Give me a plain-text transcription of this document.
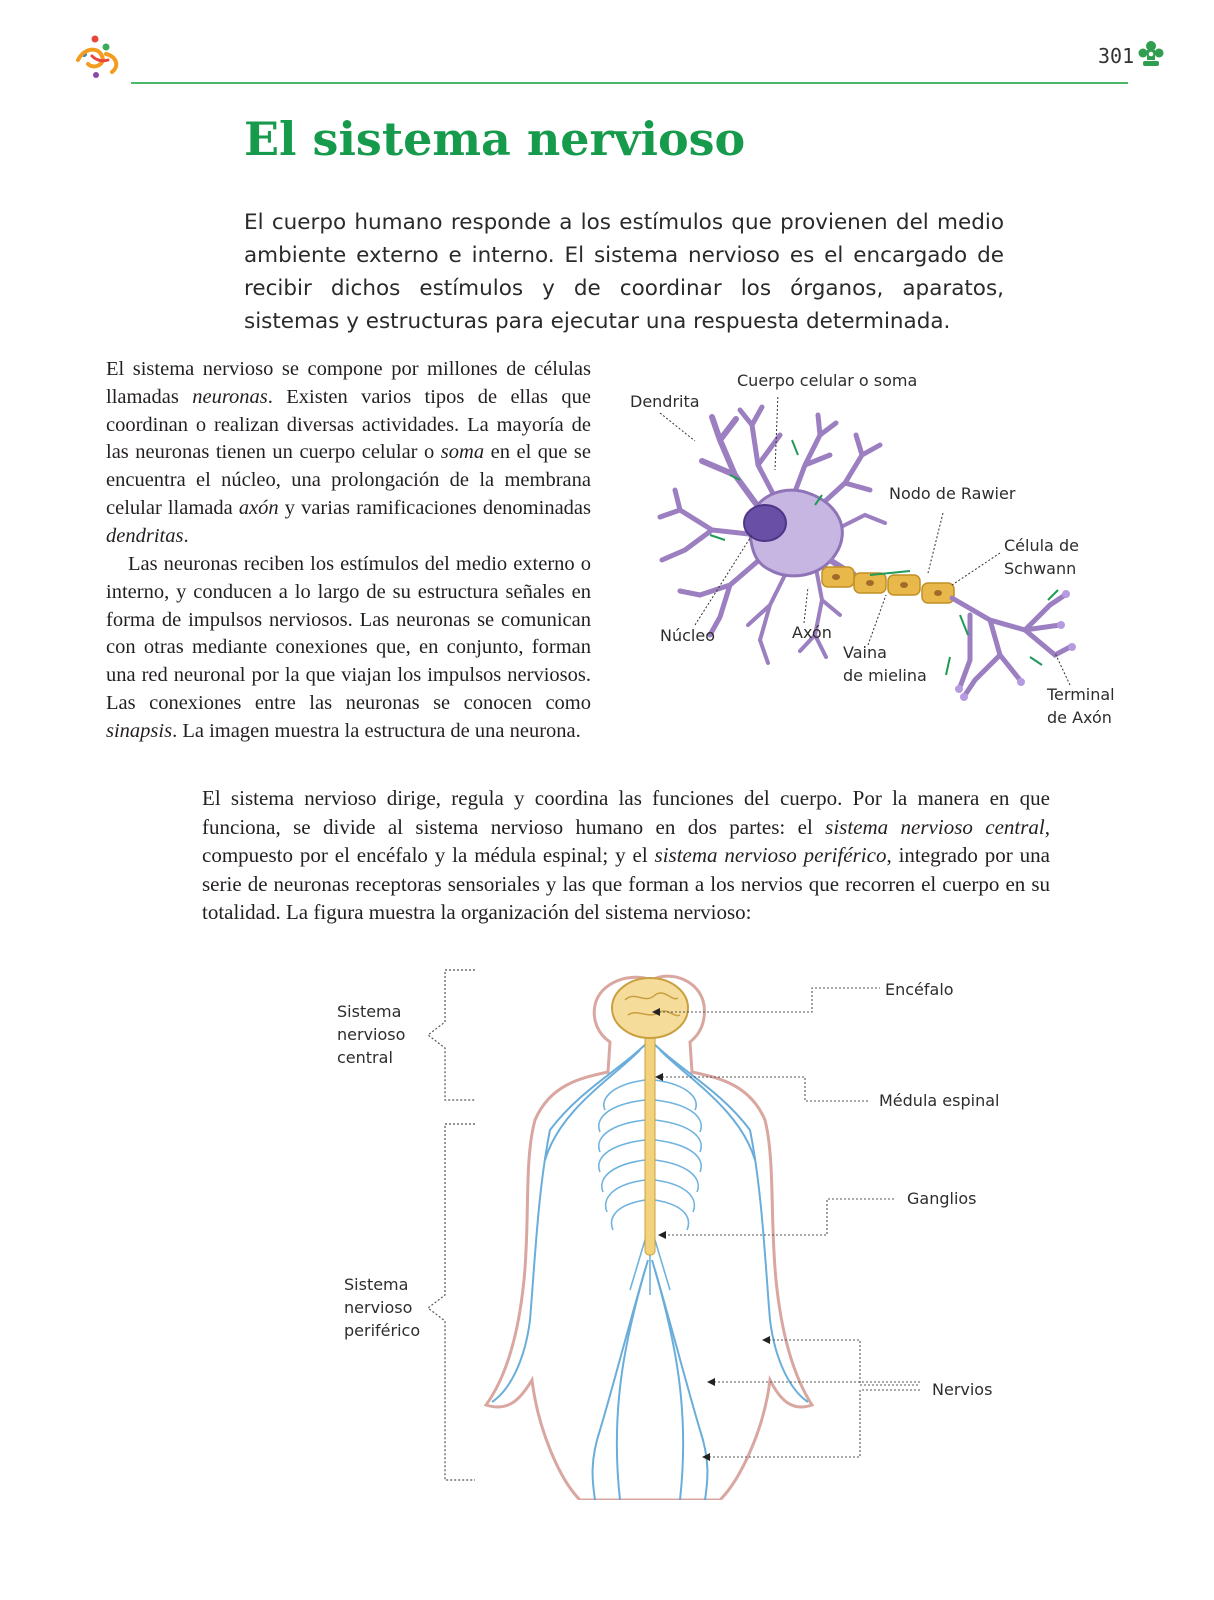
301
El sistema nervioso
El cuerpo humano responde a los estímulos que provienen del medio ambiente externo e interno. El sistema nervioso es el encargado de recibir dichos estímulos y de coordinar los órganos, aparatos, sistemas y estructuras para ejecutar una respuesta determinada.
El sistema nervioso se compone por millones de células llamadas neuronas. Existen varios tipos de ellas que coordinan o realizan diversas actividades. La mayoría de las neuronas tienen un cuerpo celular o soma en el que se encuentra el núcleo, una prolongación de la membrana celular llamada axón y varias ramificaciones denominadas dendritas.
Las neuronas reciben los estímulos del medio externo o interno, y conducen a lo largo de su estructura señales en forma de impulsos nerviosos. Las neuronas se comunican con otras mediante conexiones que, en conjunto, forman una red neuronal por la que viajan los impulsos nerviosos. Las conexiones entre las neuronas se conocen como sinapsis. La imagen muestra la estructura de una neurona.
Cuerpo celular o soma
Dendrita
Nodo de Rawier
Célula de
Schwann
Núcleo	Axón
Vaina
de mielina
Terminal
de Axón
El sistema nervioso dirige, regula y coordina las funciones del cuerpo. Por la manera en que funciona, se divide al sistema nervioso humano en dos partes: el sistema nervioso central, compuesto por el encéfalo y la médula espinal; y el sistema nervioso periférico, integrado por una serie de neuronas receptoras sensoriales y las que forman a los nervios que recorren el cuerpo en su totalidad. La figura muestra la organización del sistema nervioso:
Sistema
nervioso
central
Sistema
nervioso
periférico
Encéfalo
Médula espinal
Ganglios
Nervios
